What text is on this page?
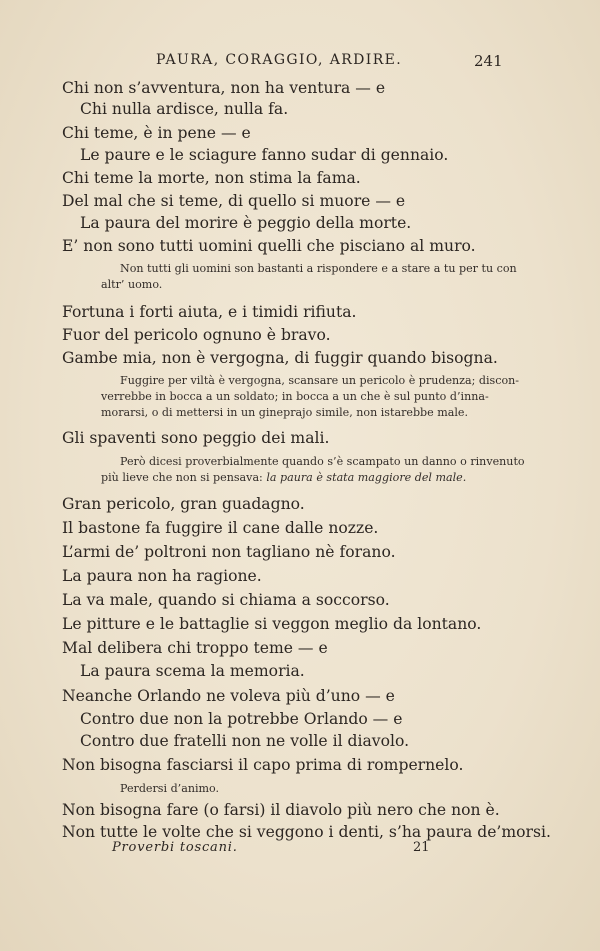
PAURA, CORAGGIO, ARDIRE.	241
Chi non s’avventura, non ha ventura — e
Chi nulla ardisce, nulla fa.
Chi teme, è in pene — e
Le paure e le sciagure fanno sudar di gennaio.
Chi teme la morte, non stima la fama.
Del mal che si teme, di quello si muore — e
La paura del morire è peggio della morte.
E’ non sono tutti uomini quelli che pisciano al muro.
Non tutti gli uomini son bastanti a rispondere e a stare a tu per tu con
altr’ uomo.
Fortuna i forti aiuta, e i timidi rifiuta.
Fuor del pericolo ognuno è bravo.
Gambe mia, non è vergogna, di fuggir quando bisogna.
Fuggire per viltà è vergogna, scansare un pericolo è prudenza; discon-
verrebbe in bocca a un soldato; in bocca a un che è sul punto d’inna-
morarsi, o di mettersi in un gineprajo simile, non istarebbe male.
Gli spaventi sono peggio dei mali.
Però dicesi proverbialmente quando s’è scampato un danno o rinvenuto
più lieve che non si pensava: la paura è stata maggiore del male.
Gran pericolo, gran guadagno.
Il bastone fa fuggire il cane dalle nozze.
L’armi de’ poltroni non tagliano nè forano.
La paura non ha ragione.
La va male, quando si chiama a soccorso.
Le pitture e le battaglie si veggon meglio da lontano.
Mal delibera chi troppo teme — e
La paura scema la memoria.
Neanche Orlando ne voleva più d’uno — e
Contro due non la potrebbe Orlando — e
Contro due fratelli non ne volle il diavolo.
Non bisogna fasciarsi il capo prima di rompernelo.
Perdersi d’animo.
Non bisogna fare (o farsi) il diavolo più nero che non è.
Non tutte le volte che si veggono i denti, s’ha paura de’morsi.
Proverbi toscani.	21
